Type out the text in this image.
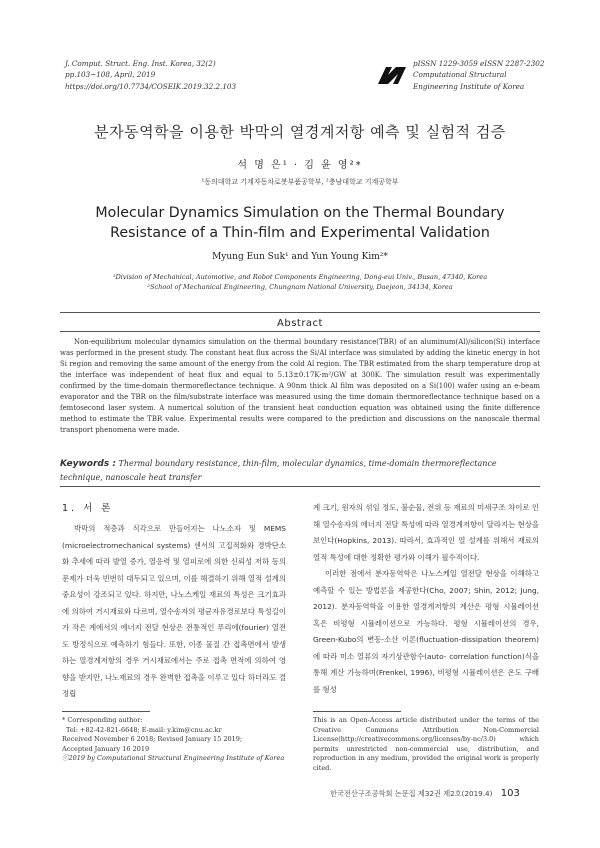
J. Comput. Struct. Eng. Inst. Korea, 32(2)
pp.103~108, April, 2019
https://doi.org/10.7734/COSEIK.2019.32.2.103
pISSN 1229-3059 eISSN 2287-2302
Computational Structural
Engineering Institute of Korea
분자동역학을 이용한 박막의 열경계저항 예측 및 실험적 검증
석 명 은¹ · 김 윤 영²*
¹동의대학교 기계자동차로봇부품공학부, ²충남대학교 기계공학부
Molecular Dynamics Simulation on the Thermal Boundary
Resistance of a Thin-film and Experimental Validation
Myung Eun Suk¹ and Yun Young Kim²*
¹Division of Mechanical, Automotive, and Robot Components Engineering, Dong-eui Univ., Busan, 47340, Korea
²School of Mechanical Engineering, Chungnam National University, Daejeon, 34134, Korea
Abstract
Non-equilibrium molecular dynamics simulation on the thermal boundary resistance(TBR) of an aluminum(Al)/silicon(Si) interface was performed in the present study. The constant heat flux across the Si/Al interface was simulated by adding the kinetic energy in hot Si region and removing the same amount of the energy from the cold Al region. The TBR estimated from the sharp temperature drop at the interface was independent of heat flux and equal to 5.13±0.17K·m²/GW at 300K. The simulation result was experimentally confirmed by the time-domain thermoreflectance technique. A 90nm thick Al film was deposited on a Si(100) wafer using an e-beam evaporator and the TBR on the film/substrate interface was measured using the time domain thermoreflectance technique based on a femtosecond laser system. A numerical solution of the transient heat conduction equation was obtained using the finite difference method to estimate the TBR value. Experimental results were compared to the prediction and discussions on the nanoscale thermal transport phenomena were made.
Keywords : Thermal boundary resistance, thin-film, molecular dynamics, time-domain thermoreflectance technique, nanoscale heat transfer
1. 서 론

박막의 적층과 식각으로 만들어지는 나노소자 및 MEMS (microelectromechanical systems) 센서의 고집적화와 경박단소화 추세에 따라 발열 증가, 열응력 및 열피로에 의한 신뢰성 저하 등의 문제가 더욱 빈번히 대두되고 있으며, 이를 해결하기 위해 열적 설계의 중요성이 강조되고 있다. 하지만, 나노스케일 재료의 특성은 크기효과에 의하여 거시재료와 다르며, 열수송자의 평균자유경로보다 특성길이가 작은 계에서의 에너지 전달 현상은 전통적인 푸리에(fourier) 열전도 방정식으로 예측하기 힘들다. 또한, 이종 물질 간 접촉면에서 발생하는 열경계저항의 경우 거시재료에서는 주로 접촉 면적에 의하여 영향을 받지만, 나노재료의 경우 완벽한 접촉을 이루고 있다 하더라도 결정립

계 크기, 원자의 섞임 정도, 불순물, 전위 등 재료의 미세구조 차이로 인해 열수송자의 에너지 전달 특성에 따라 열경계저항이 달라지는 현상을 보인다(Hopkins, 2013). 따라서, 효과적인 열 설계를 위해서 재료의 열적 특성에 대한 정확한 평가와 이해가 필수적이다.

이러한 점에서 분자동역학은 나노스케일 열전달 현상을 이해하고 예측할 수 있는 방법론을 제공한다(Cho, 2007; Shin, 2012; Jung, 2012). 분자동역학을 이용한 열경계저항의 계산은 평형 시뮬레이션 혹은 비평형 시뮬레이션으로 가능하다. 평형 시뮬레이션의 경우, Green-Kubo의 변동-소산 이론(fluctuation-dissipation theorem)에 따라 미소 열류의 자기상관함수(auto- correlation function)식을 통해 계산 가능하며(Frenkel, 1996), 비평형 시뮬레이션은 온도 구배를 형성

* Corresponding author:
Tel: +82-42-821-6648; E-mail: y.kim@cnu.ac.kr
Received November 6 2018; Revised January 15 2019;
Accepted January 16 2019
ⓒ2019 by Computational Structural Engineering Institute of Korea
This is an Open-Access article distributed under the terms of the Creative Commons Attribution Non-Commercial License(http://creativecommons.org/licenses/by-nc/3.0) which permits unrestricted non-commercial use, distribution, and reproduction in any medium, provided the original work is properly cited.
한국전산구조공학회 논문집 제32권 제2호(2019.4) 103
